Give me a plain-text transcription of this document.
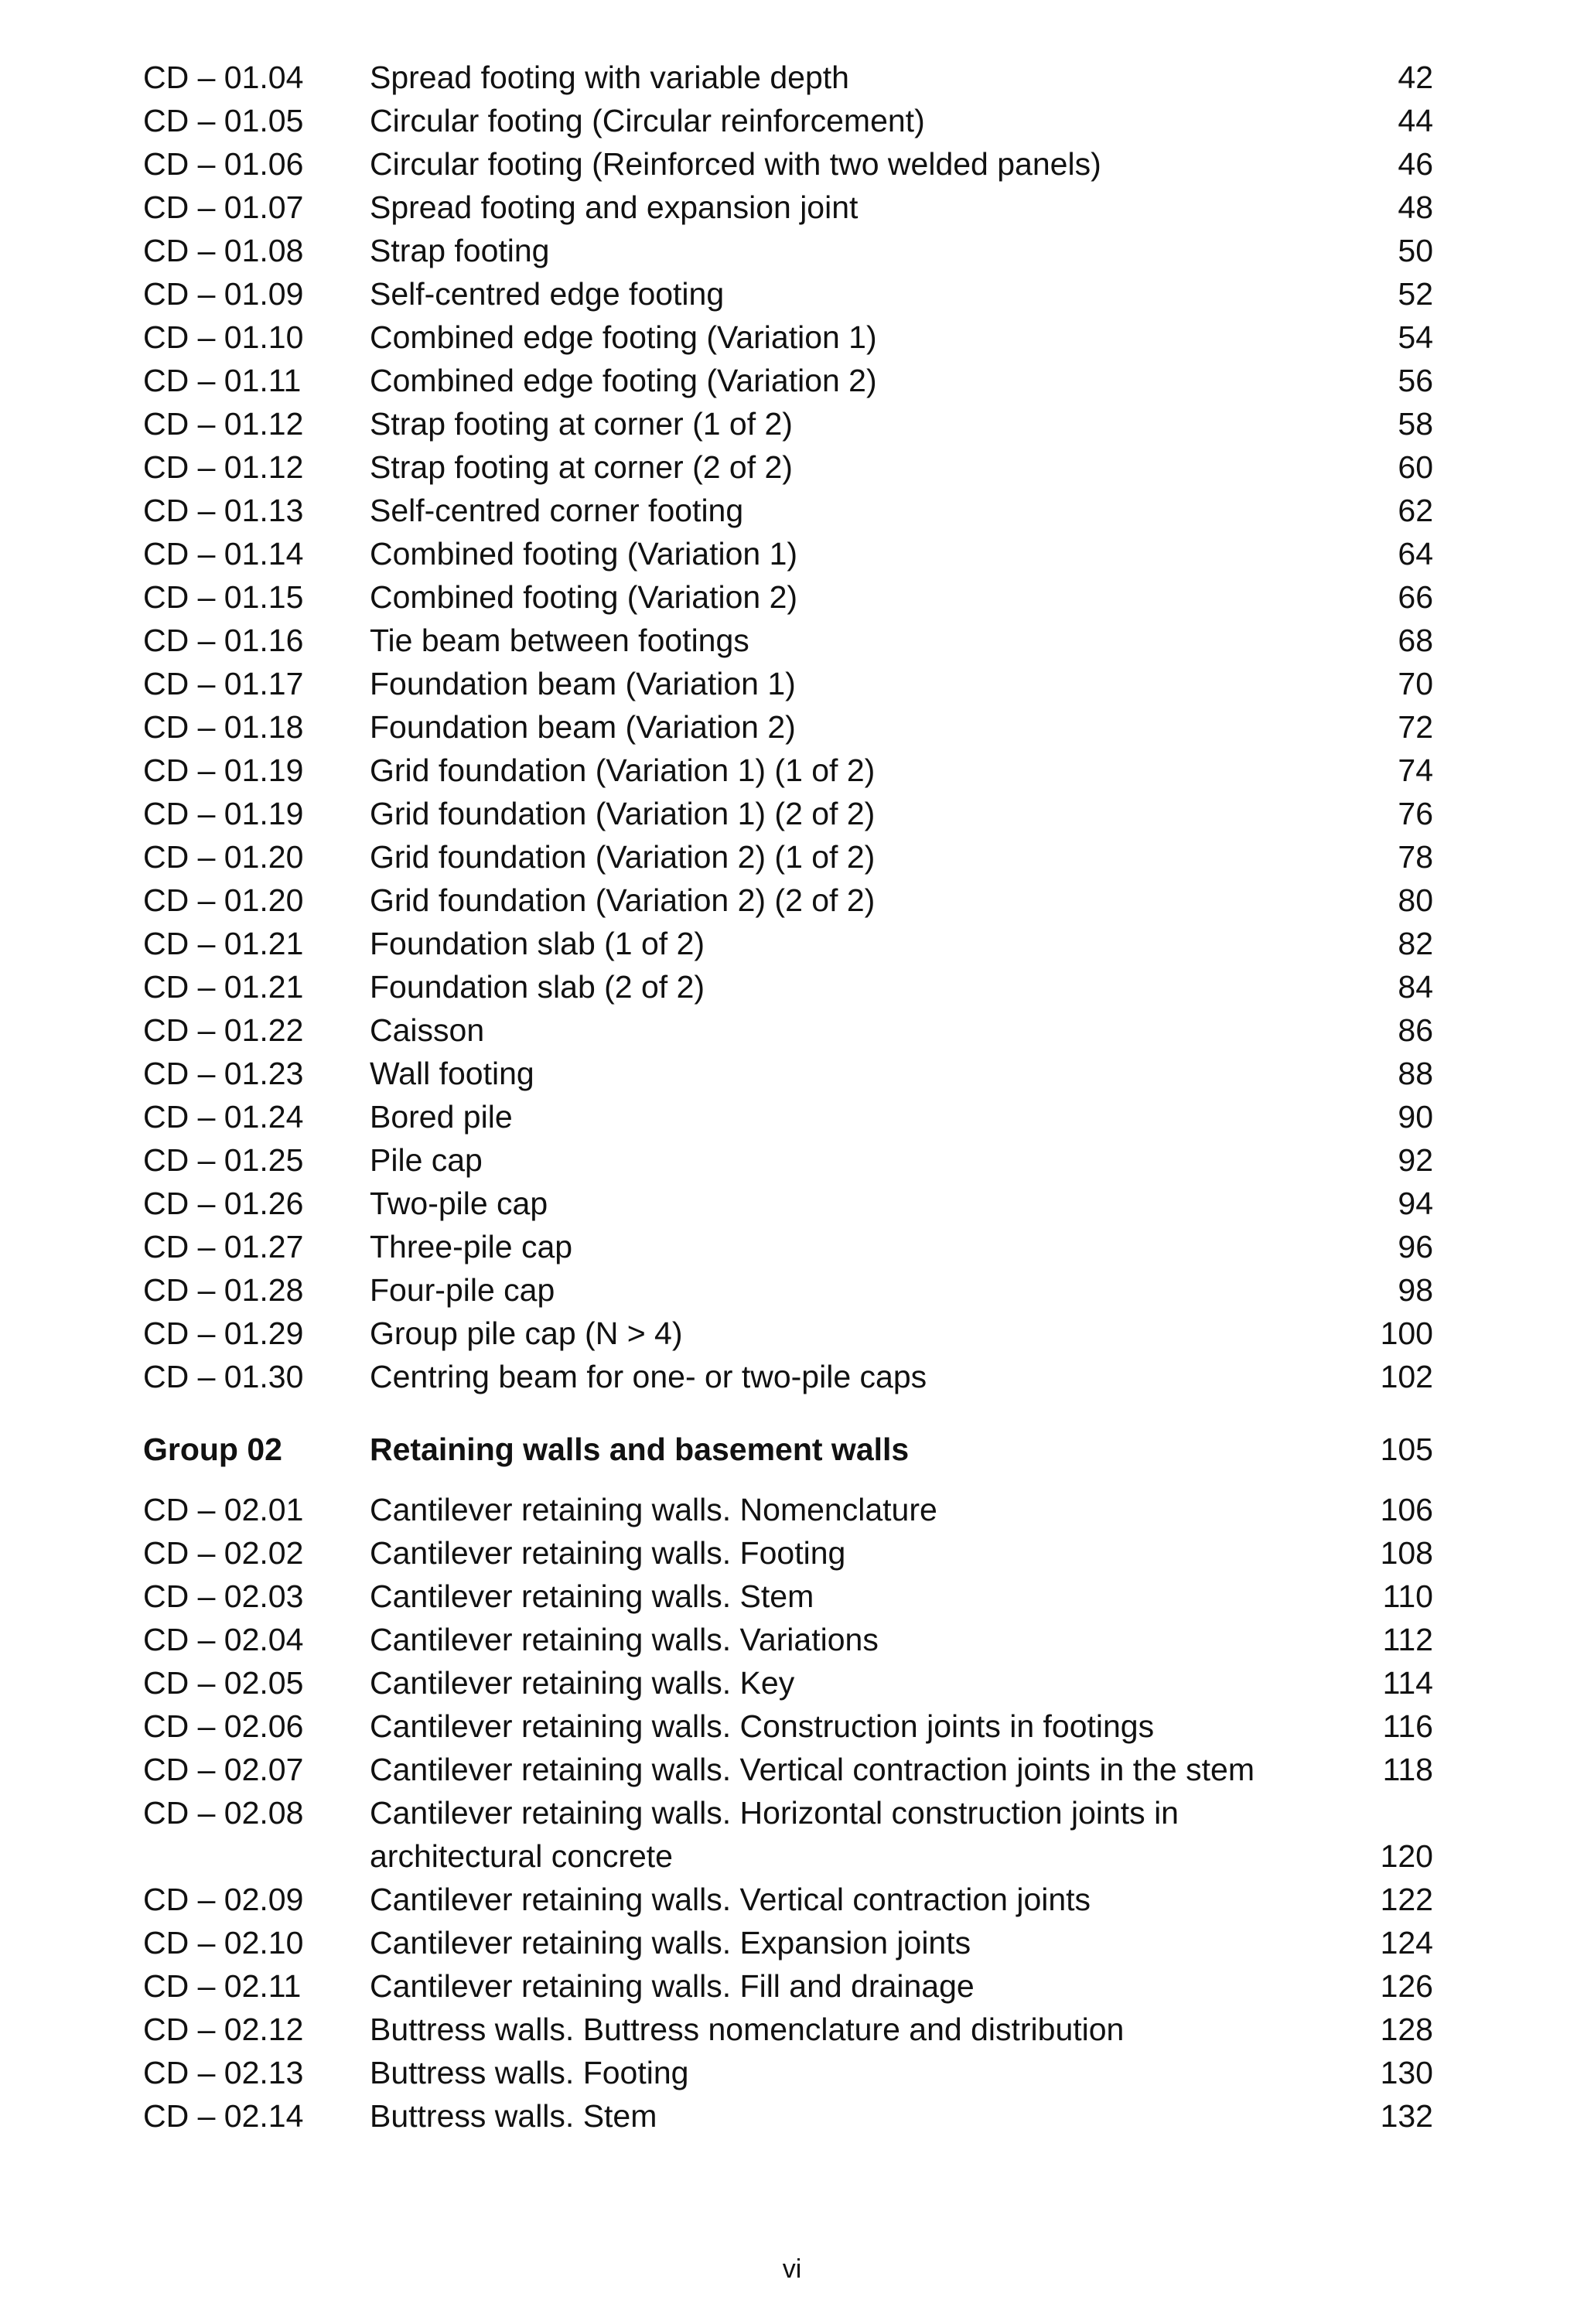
CD – 01.04 Spread footing with variable depth	42
CD – 01.05 Circular footing (Circular reinforcement)	44
CD – 01.06 Circular footing (Reinforced with two welded panels)	46
CD – 01.07 Spread footing and expansion joint	48
CD – 01.08 Strap footing	50
CD – 01.09 Self-centred edge footing	52
CD – 01.10 Combined edge footing (Variation 1)	54
CD – 01.11 Combined edge footing (Variation 2)	56
CD – 01.12 Strap footing at corner (1 of 2)	58
CD – 01.12 Strap footing at corner (2 of 2)	60
CD – 01.13 Self-centred corner footing	62
CD – 01.14 Combined footing (Variation 1)	64
CD – 01.15 Combined footing (Variation 2)	66
CD – 01.16 Tie beam between footings	68
CD – 01.17 Foundation beam (Variation 1)	70
CD – 01.18 Foundation beam (Variation 2)	72
CD – 01.19 Grid foundation (Variation 1) (1 of 2)	74
CD – 01.19 Grid foundation (Variation 1) (2 of 2)	76
CD – 01.20 Grid foundation (Variation 2) (1 of 2)	78
CD – 01.20 Grid foundation (Variation 2) (2 of 2)	80
CD – 01.21 Foundation slab (1 of 2)	82
CD – 01.21 Foundation slab (2 of 2)	84
CD – 01.22 Caisson	86
CD – 01.23 Wall footing	88
CD – 01.24 Bored pile	90
CD – 01.25 Pile cap	92
CD – 01.26 Two-pile cap	94
CD – 01.27 Three-pile cap	96
CD – 01.28 Four-pile cap	98
CD – 01.29 Group pile cap (N > 4)	100
CD – 01.30 Centring beam for one- or two-pile caps	102
Group 02	Retaining walls and basement walls	105
CD – 02.01 Cantilever retaining walls. Nomenclature	106
CD – 02.02 Cantilever retaining walls. Footing	108
CD – 02.03 Cantilever retaining walls. Stem	110
CD – 02.04 Cantilever retaining walls. Variations	112
CD – 02.05 Cantilever retaining walls. Key	114
CD – 02.06 Cantilever retaining walls. Construction joints in footings	116
CD – 02.07 Cantilever retaining walls. Vertical contraction joints in the stem	118
CD – 02.08 Cantilever retaining walls. Horizontal construction joints in
architectural concrete	120
CD – 02.09 Cantilever retaining walls. Vertical contraction joints	122
CD – 02.10 Cantilever retaining walls. Expansion joints	124
CD – 02.11 Cantilever retaining walls. Fill and drainage	126
CD – 02.12 Buttress walls. Buttress nomenclature and distribution	128
CD – 02.13 Buttress walls. Footing	130
CD – 02.14 Buttress walls. Stem	132
vi
